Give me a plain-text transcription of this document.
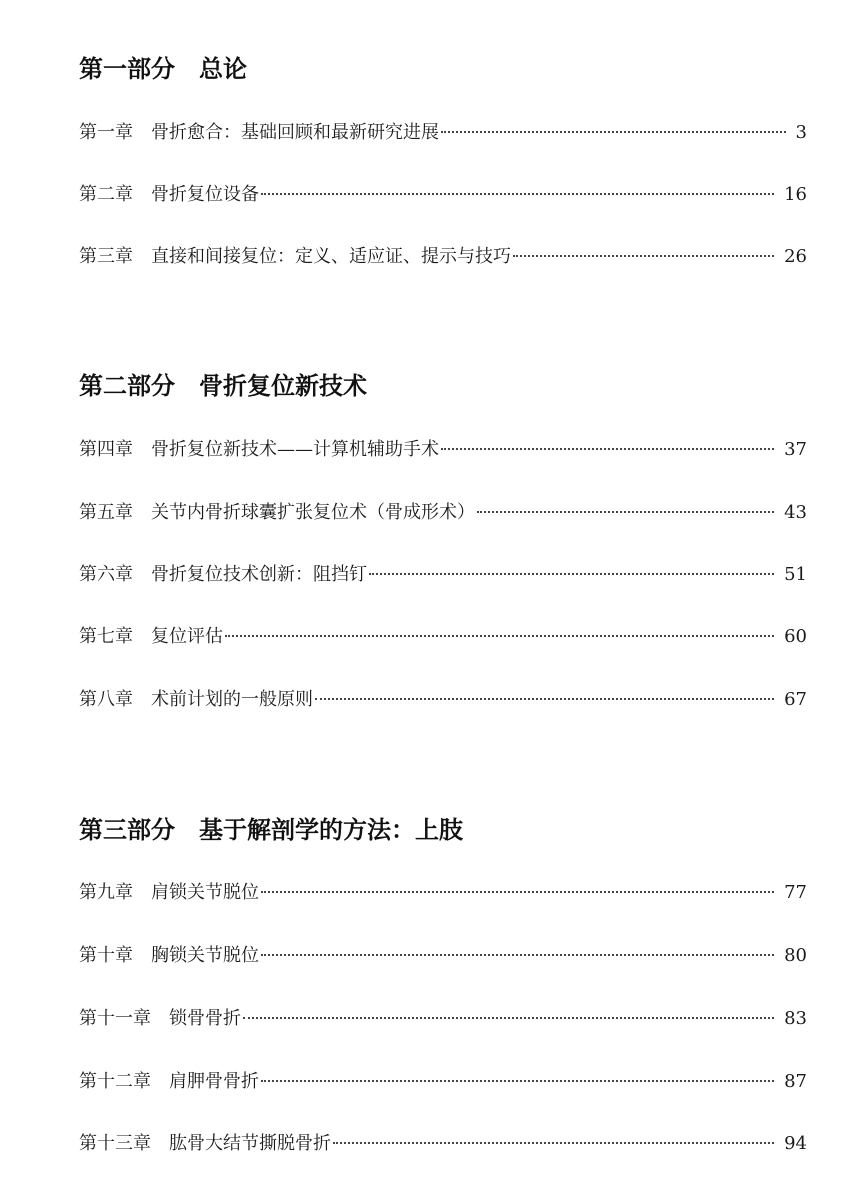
第一部分 总论
第一章 骨折愈合：基础回顾和最新研究进展	3
第二章 骨折复位设备	16
第三章 直接和间接复位：定义、适应证、提示与技巧	26
第二部分 骨折复位新技术
第四章 骨折复位新技术——计算机辅助手术	37
第五章 关节内骨折球囊扩张复位术（骨成形术）	43
第六章 骨折复位技术创新：阻挡钉	51
第七章 复位评估	60
第八章 术前计划的一般原则	67
第三部分 基于解剖学的方法：上肢
第九章 肩锁关节脱位	77
第十章 胸锁关节脱位	80
第十一章 锁骨骨折	83
第十二章 肩胛骨骨折	87
第十三章 肱骨大结节撕脱骨折	94
